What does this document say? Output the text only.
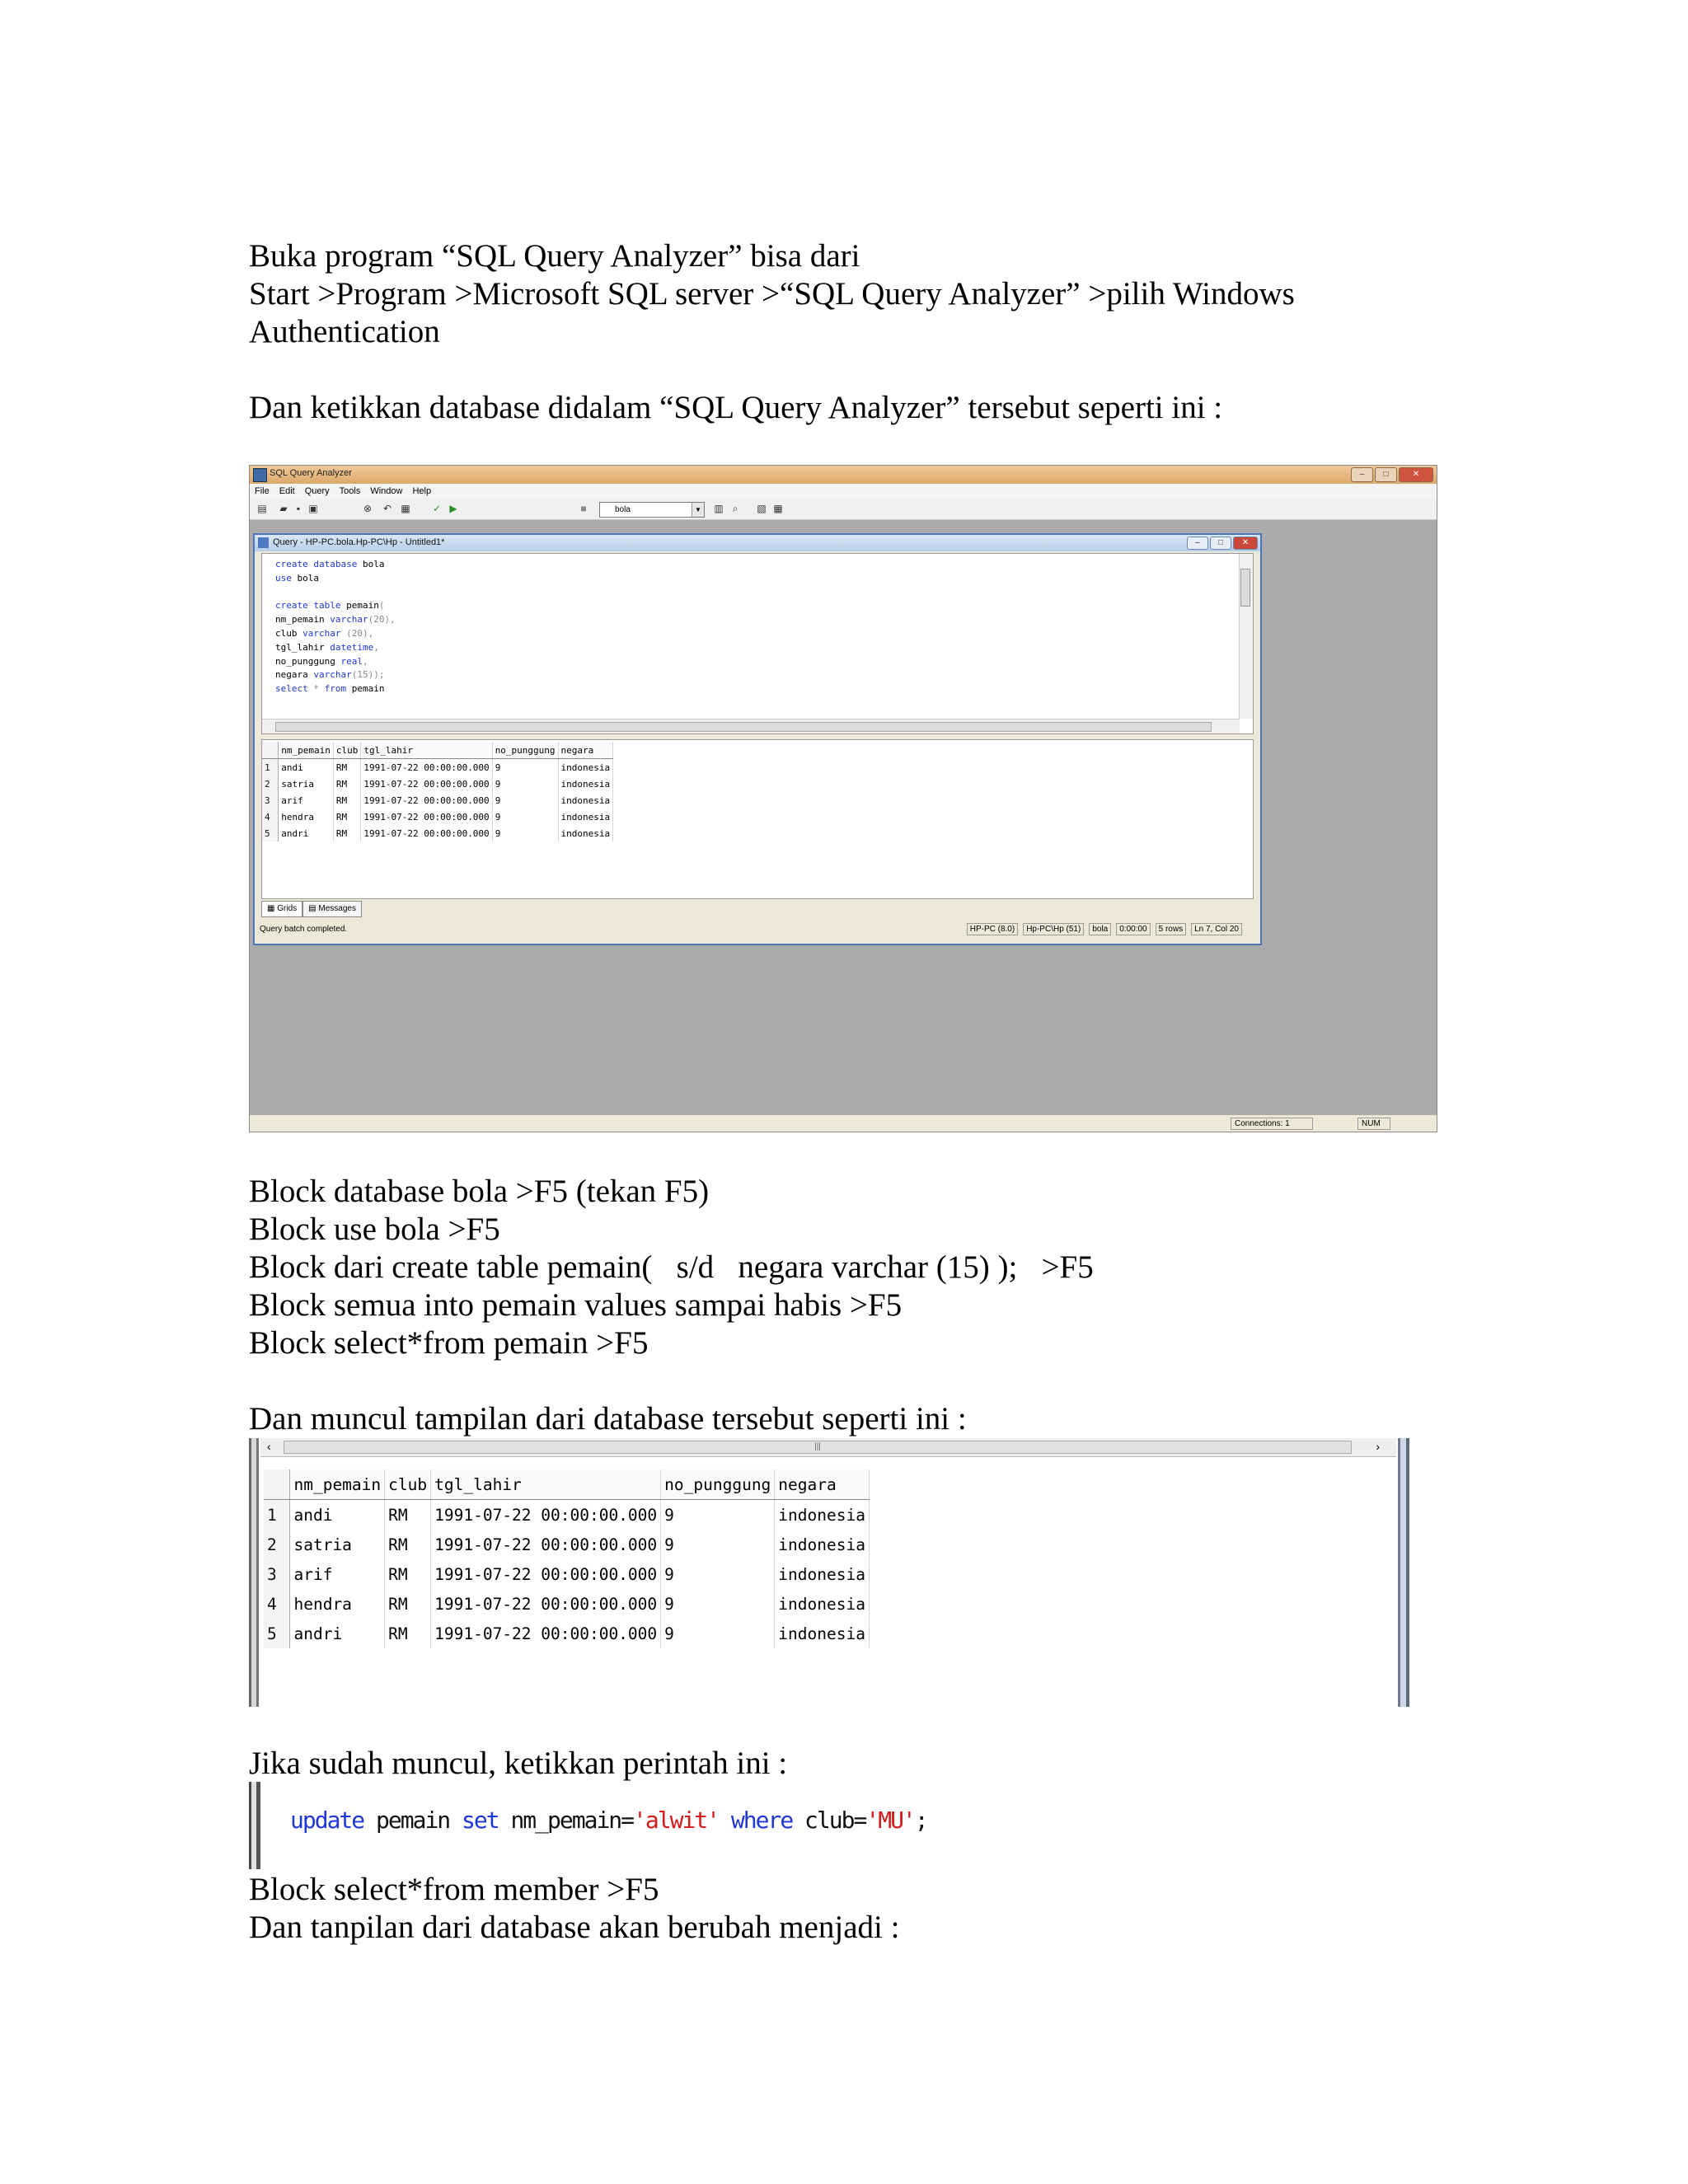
Buka program “SQL Query Analyzer” bisa dari
Start >Program >Microsoft SQL server >“SQL Query Analyzer” >pilih Windows
Authentication
Dan ketikkan database didalam “SQL Query Analyzer” tersebut seperti ini :
SQL Query Analyzer	–	□	✕
File Edit Query Tools Window Help
▤ ▰ ▪ ▣	⊗ ↶ ▦ ✓ ▶	■	bola	▼ ▥ ⌕	▧ ▦
Query - HP-PC.bola.Hp-PC\Hp - Untitled1*	–	□	✕
create database bola
use bola

create table pemain(
nm_pemain varchar(20),
club varchar (20),
tgl_lahir datetime,
no_punggung real,
negara varchar(15));
select * from pemain
	nm_pemain	club	tgl_lahir	no_punggung	negara
1	andi	RM	1991-07-22 00:00:00.000	9	indonesia
2	satria	RM	1991-07-22 00:00:00.000	9	indonesia
3	arif	RM	1991-07-22 00:00:00.000	9	indonesia
4	hendra	RM	1991-07-22 00:00:00.000	9	indonesia
5	andri	RM	1991-07-22 00:00:00.000	9	indonesia
▦ Grids ▤ Messages
Query batch completed.	HP-PC (8.0)	Hp-PC\Hp (51)	bola	0:00:00	5 rows	Ln 7, Col 20
Connections: 1	NUM
Block database bola >F5 (tekan F5)
Block use bola >F5
Block dari create table pemain(   s/d   negara varchar (15) );   >F5
Block semua into pemain values sampai habis >F5
Block select*from pemain >F5
Dan muncul tampilan dari database tersebut seperti ini :
‹	|||	›
	nm_pemain	club	tgl_lahir	no_punggung	negara
1	andi	RM	1991-07-22 00:00:00.000	9	indonesia
2	satria	RM	1991-07-22 00:00:00.000	9	indonesia
3	arif	RM	1991-07-22 00:00:00.000	9	indonesia
4	hendra	RM	1991-07-22 00:00:00.000	9	indonesia
5	andri	RM	1991-07-22 00:00:00.000	9	indonesia
Jika sudah muncul, ketikkan perintah ini :
update pemain set nm_pemain='alwit' where club='MU';
Block select*from member >F5
Dan tanpilan dari database akan berubah menjadi :
